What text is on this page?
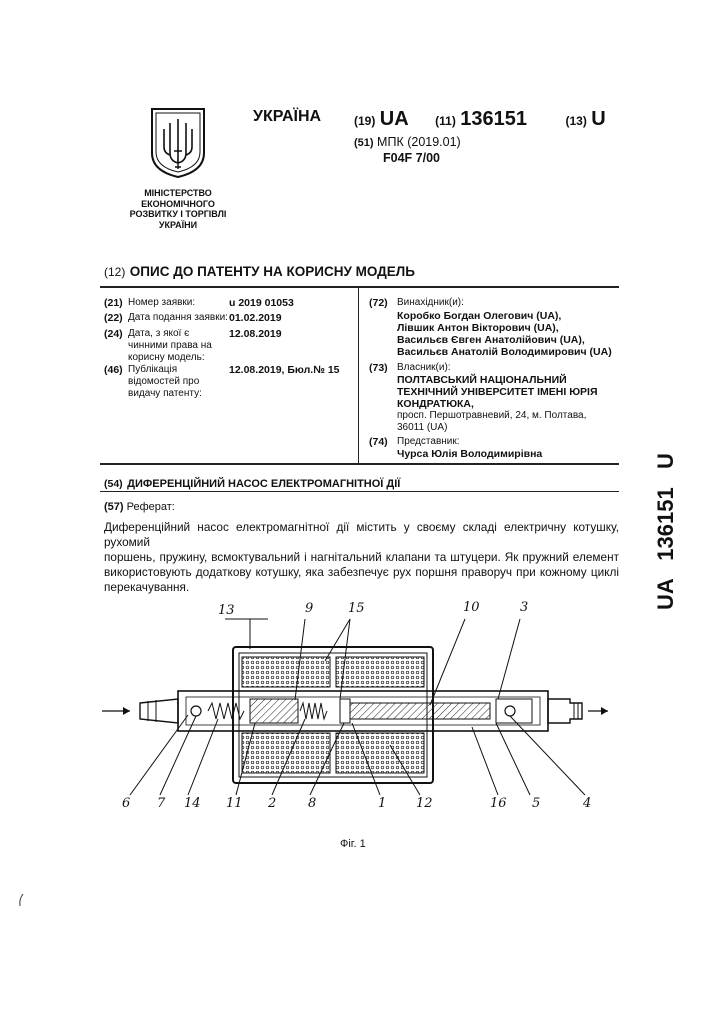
МІНІСТЕРСТВО
ЕКОНОМІЧНОГО
РОЗВИТКУ І ТОРГІВЛІ
УКРАЇНИ
УКРАЇНА	(19) UA (11) 136151	(13) U
(51) МПК (2019.01)
F04F 7/00
(12) ОПИС ДО ПАТЕНТУ НА КОРИСНУ МОДЕЛЬ
(21) Номер заявки:	u 2019 01053
(22) Дата подання заявки: 01.02.2019
(24) Дата, з якої є чинними права на корисну модель:
12.08.2019
(46) Публікація відомостей про видачу патенту:
12.08.2019, Бюл.№ 15
(72) Винахідник(и):
Коробко Богдан Олегович (UA),
Лівшик Антон Вікторович (UA),
Васильєв Євген Анатолійович (UA),
Васильєв Анатолій Володимирович (UA)
(73) Власник(и):
ПОЛТАВСЬКИЙ НАЦІОНАЛЬНИЙ
ТЕХНІЧНИЙ УНІВЕРСИТЕТ ІМЕНІ ЮРІЯ
КОНДРАТЮКА,
просп. Першотравневий, 24, м. Полтава,
36011 (UA)
(74) Представник:
Чурса Юлія Володимирівна
(54) ДИФЕРЕНЦІЙНИЙ НАСОС ЕЛЕКТРОМАГНІТНОЇ ДІЇ
(57) Реферат:
Диференційний насос електромагнітної дії містить у своєму складі електричну котушку, рухомий
поршень, пружину, всмоктувальний і нагнітальний клапани та штуцери. Як пружний елемент
використовують додаткову котушку, яка забезпечує рух поршня праворуч при кожному циклі
перекачування.
13	9	15	10	3
6 7 14 11 2 8	1 12	16 5	4
Фіг. 1
UA   136151   U
